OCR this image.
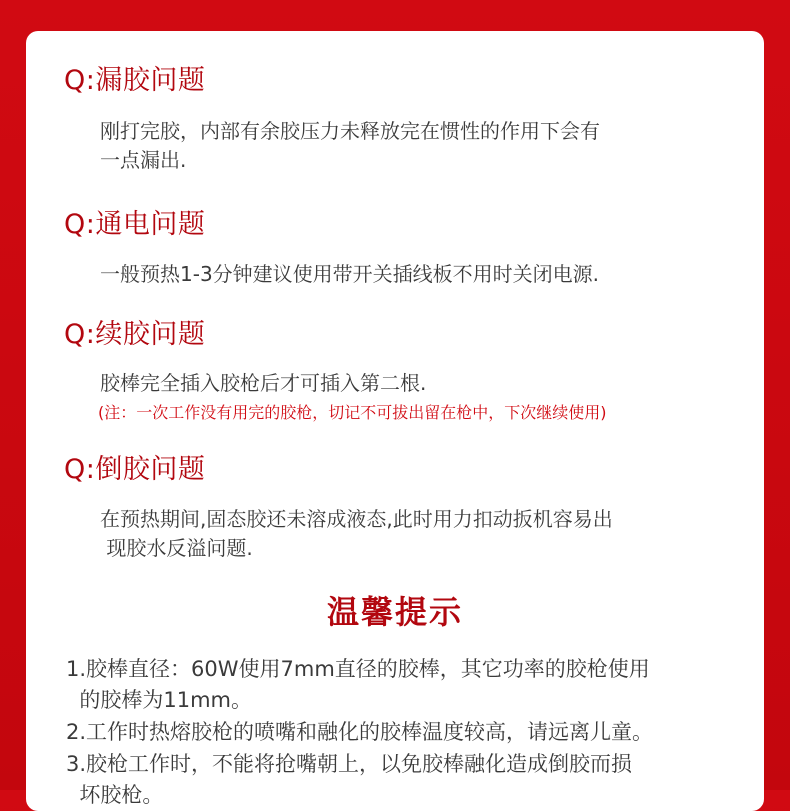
Q:漏胶问题
刚打完胶，内部有余胶压力未释放完在惯性的作用下会有
一点漏出.
Q:通电问题
一般预热1-3分钟建议使用带开关插线板不用时关闭电源.
Q:续胶问题
胶棒完全插入胶枪后才可插入第二根.
(注：一次工作没有用完的胶枪，切记不可拔出留在枪中，下次继续使用)
Q:倒胶问题
在预热期间,固态胶还未溶成液态,此时用力扣动扳机容易出
现胶水反溢问题.
温馨提示
1.胶棒直径：60W使用7mm直径的胶棒，其它功率的胶枪使用
的胶棒为11mm。
2.工作时热熔胶枪的喷嘴和融化的胶棒温度较高，请远离儿童。
3.胶枪工作时，不能将抢嘴朝上，以免胶棒融化造成倒胶而损
坏胶枪。
